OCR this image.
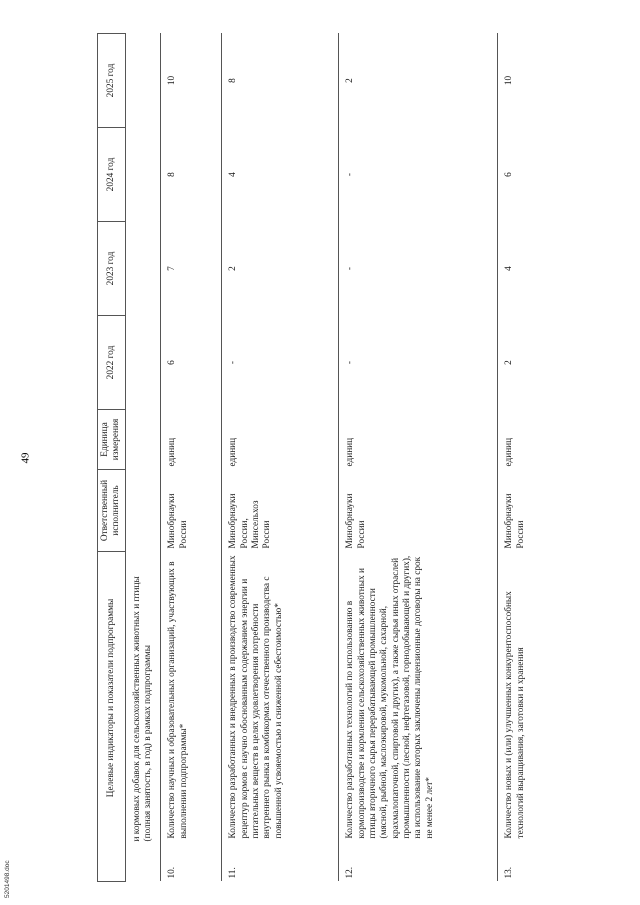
49
Целевые индикаторы и показатели подпрограммы	Ответственный исполнитель	Единица измерения	2022 год	2023 год	2024 год	2025 год
и кормовых добавок для сельскохозяйственных животных и птицы (полная занятость, в год) в рамках подпрограммы						

10.
Количество научных и образовательных организаций, участвующих в выполнении подпрограммы*	Минобрнауки России	единиц	6	7	8	10

11.
Количество разработанных и внедренных в производство современных рецептур кормов с научно обоснованным содержанием энергии и питательных веществ в целях удовлетворения потребности внутреннего рынка в комбикормах отечественного производства с повышенной усвояемостью и сниженной себестоимостью*	Минобрнауки России, Минсельхоз России	единиц	-	2	4	8

12.
Количество разработанных технологий по использованию в кормопроизводстве и кормлении сельскохозяйственных животных и птицы вторичного сырья перерабатывающей промышленности (мясной, рыбной, маслоэкировой, мукомольной, сахарной, крахмалопаточной, спиртовой и других), а также сырья иных отраслей промышленности (лесной, нефтегазовой, горнодобывающей и других), на использование которых заключены лицензионные договоры на срок не менее 2 лет*	Минобрнауки России	единиц	-	-	-	2

13.
Количество новых и (или) улучшенных конкурентоспособных технологий выращивания, заготовки и хранения	Минобрнауки России	единиц	2	4	6	10
5201498.doc
